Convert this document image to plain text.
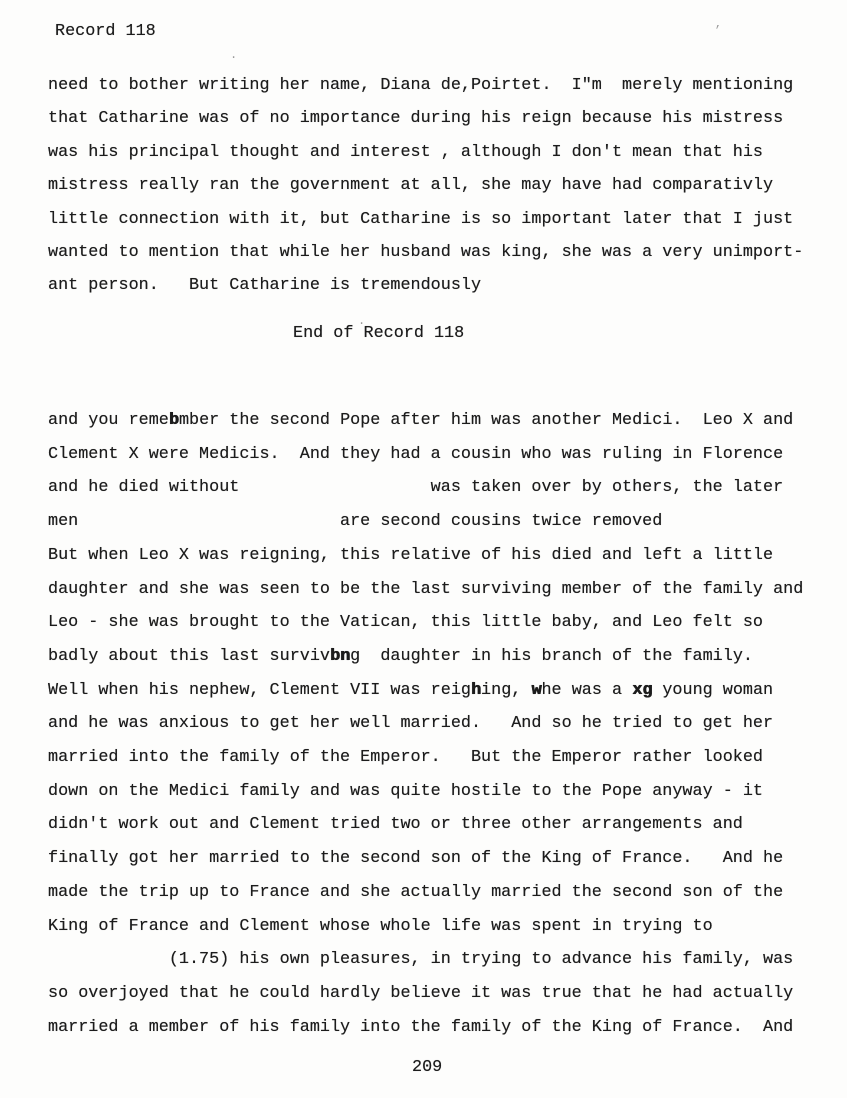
Record 118
need to bother writing her name, Diana de,Poirtet.  I"m  merely mentioning
that Catharine was of no importance during his reign because his mistress
was his principal thought and interest , although I don't mean that his
mistress really ran the government at all, she may have had comparativly
little connection with it, but Catharine is so important later that I just
wanted to mention that while her husband was king, she was a very unimport-
ant person.   But Catharine is tremendously
End of Record 118
and you remebmber the second Pope after him was another Medici.  Leo X and
Clement X were Medicis.  And they had a cousin who was ruling in Florence
and he died without                   was taken over by others, the later
men                          are second cousins twice removed
But when Leo X was reigning, this relative of his died and left a little
daughter and she was seen to be the last surviving member of the family and
Leo - she was brought to the Vatican, this little baby, and Leo felt so
badly about this last survivbng  daughter in his branch of the family.
Well when his nephew, Clement VII was reighing, whe was a xg young woman
and he was anxious to get her well married.   And so he tried to get her
married into the family of the Emperor.   But the Emperor rather looked
down on the Medici family and was quite hostile to the Pope anyway - it
didn't work out and Clement tried two or three other arrangements and
finally got her married to the second son of the King of France.   And he
made the trip up to France and she actually married the second son of the
King of France and Clement whose whole life was spent in trying to
(1.75) his own pleasures, in trying to advance his family, was
so overjoyed that he could hardly believe it was true that he had actually
married a member of his family into the family of the King of France.  And
209
’
.
.
